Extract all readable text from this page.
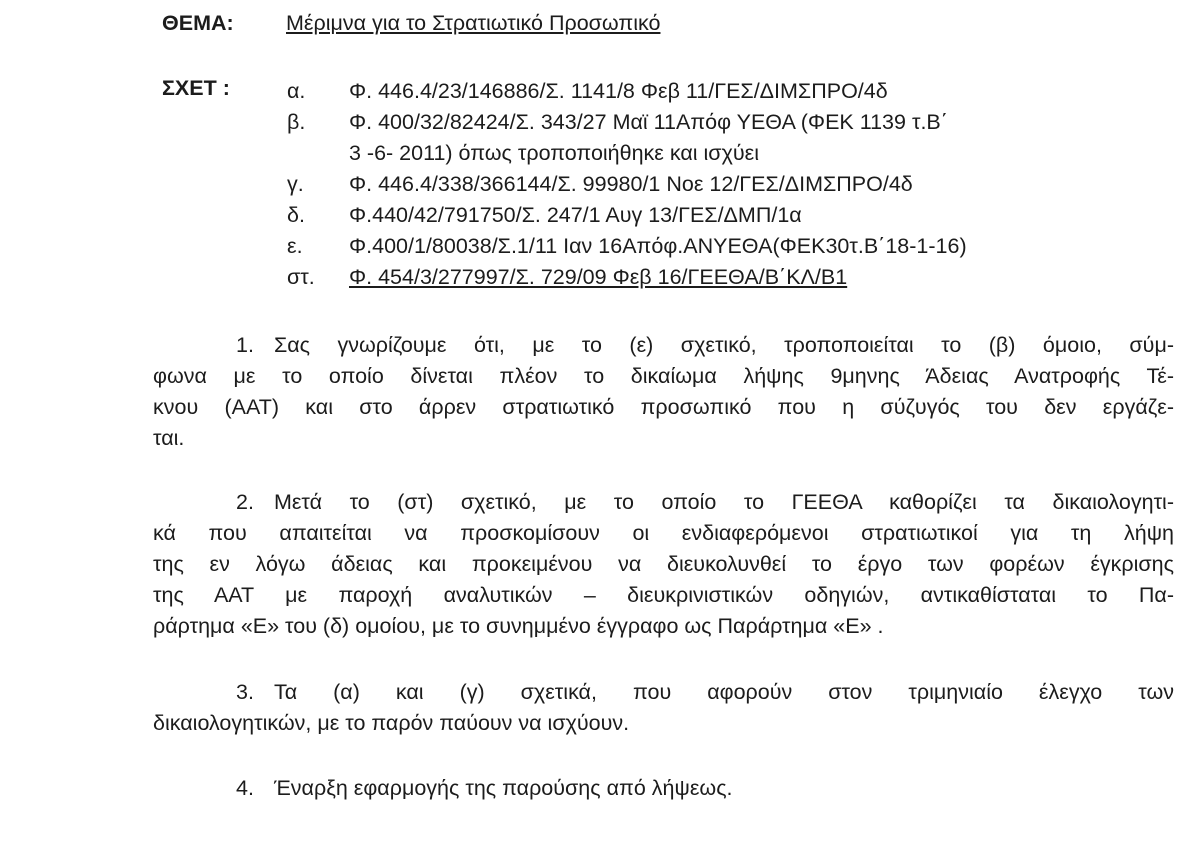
ΘΕΜΑ:	Μέριμνα για το Στρατιωτικό Προσωπικό
ΣΧΕΤ :	α. Φ. 446.4/23/146886/Σ. 1141/8 Φεβ 11/ΓΕΣ/ΔΙΜΣΠΡΟ/4δ
β. Φ. 400/32/82424/Σ. 343/27 Μαϊ 11Απόφ ΥΕΘΑ (ΦΕΚ 1139 τ.Β΄
3 -6- 2011) όπως τροποποιήθηκε και ισχύει
γ. Φ. 446.4/338/366144/Σ. 99980/1 Νοε 12/ΓΕΣ/ΔΙΜΣΠΡΟ/4δ
δ. Φ.440/42/791750/Σ. 247/1 Αυγ 13/ΓΕΣ/ΔΜΠ/1α
ε. Φ.400/1/80038/Σ.1/11 Ιαν 16Απόφ.ΑΝΥΕΘΑ(ΦΕΚ30τ.Β΄18-1-16)
στ. Φ. 454/3/277997/Σ. 729/09 Φεβ 16/ΓΕΕΘΑ/Β΄ΚΛ/Β1
1. Σας γνωρίζουμε ότι, με το (ε) σχετικό, τροποποιείται το (β) όμοιο, σύμ-
φωνα με το οποίο δίνεται πλέον το δικαίωμα λήψης 9μηνης Άδειας Ανατροφής Τέ-
κνου (ΑΑΤ) και στο άρρεν στρατιωτικό προσωπικό που η σύζυγός του δεν εργάζε-
ται.
2. Μετά το (στ) σχετικό, με το οποίο το ΓΕΕΘΑ καθορίζει τα δικαιολογητι-
κά που απαιτείται να προσκομίσουν οι ενδιαφερόμενοι στρατιωτικοί για τη λήψη
της εν λόγω άδειας και προκειμένου να διευκολυνθεί το έργο των φορέων έγκρισης
της ΑΑΤ με παροχή αναλυτικών – διευκρινιστικών οδηγιών, αντικαθίσταται το Πα-
ράρτημα «Ε» του (δ) ομοίου, με το συνημμένο έγγραφο ως Παράρτημα «Ε» .
3. Τα (α) και (γ) σχετικά, που αφορούν στον τριμηνιαίο έλεγχο των
δικαιολογητικών, με το παρόν παύουν να ισχύουν.
4. Έναρξη εφαρμογής της παρούσης από λήψεως.
